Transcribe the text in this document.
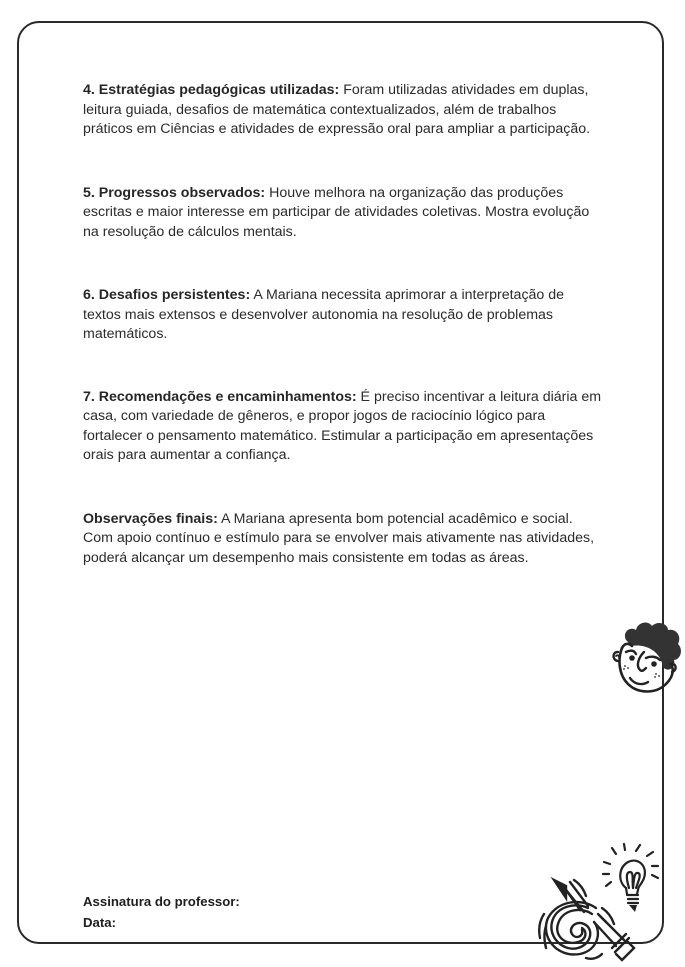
4. Estratégias pedagógicas utilizadas: Foram utilizadas atividades em duplas, leitura guiada, desafios de matemática contextualizados, além de trabalhos práticos em Ciências e atividades de expressão oral para ampliar a participação.

5. Progressos observados: Houve melhora na organização das produções escritas e maior interesse em participar de atividades coletivas. Mostra evolução na resolução de cálculos mentais.

6. Desafios persistentes: A Mariana necessita aprimorar a interpretação de textos mais extensos e desenvolver autonomia na resolução de problemas matemáticos.

7. Recomendações e encaminhamentos: É preciso incentivar a leitura diária em casa, com variedade de gêneros, e propor jogos de raciocínio lógico para fortalecer o pensamento matemático. Estimular a participação em apresentações orais para aumentar a confiança.

Observações finais: A Mariana apresenta bom potencial acadêmico e social. Com apoio contínuo e estímulo para se envolver mais ativamente nas atividades, poderá alcançar um desempenho mais consistente em todas as áreas.

Assinatura do professor:
Data:
